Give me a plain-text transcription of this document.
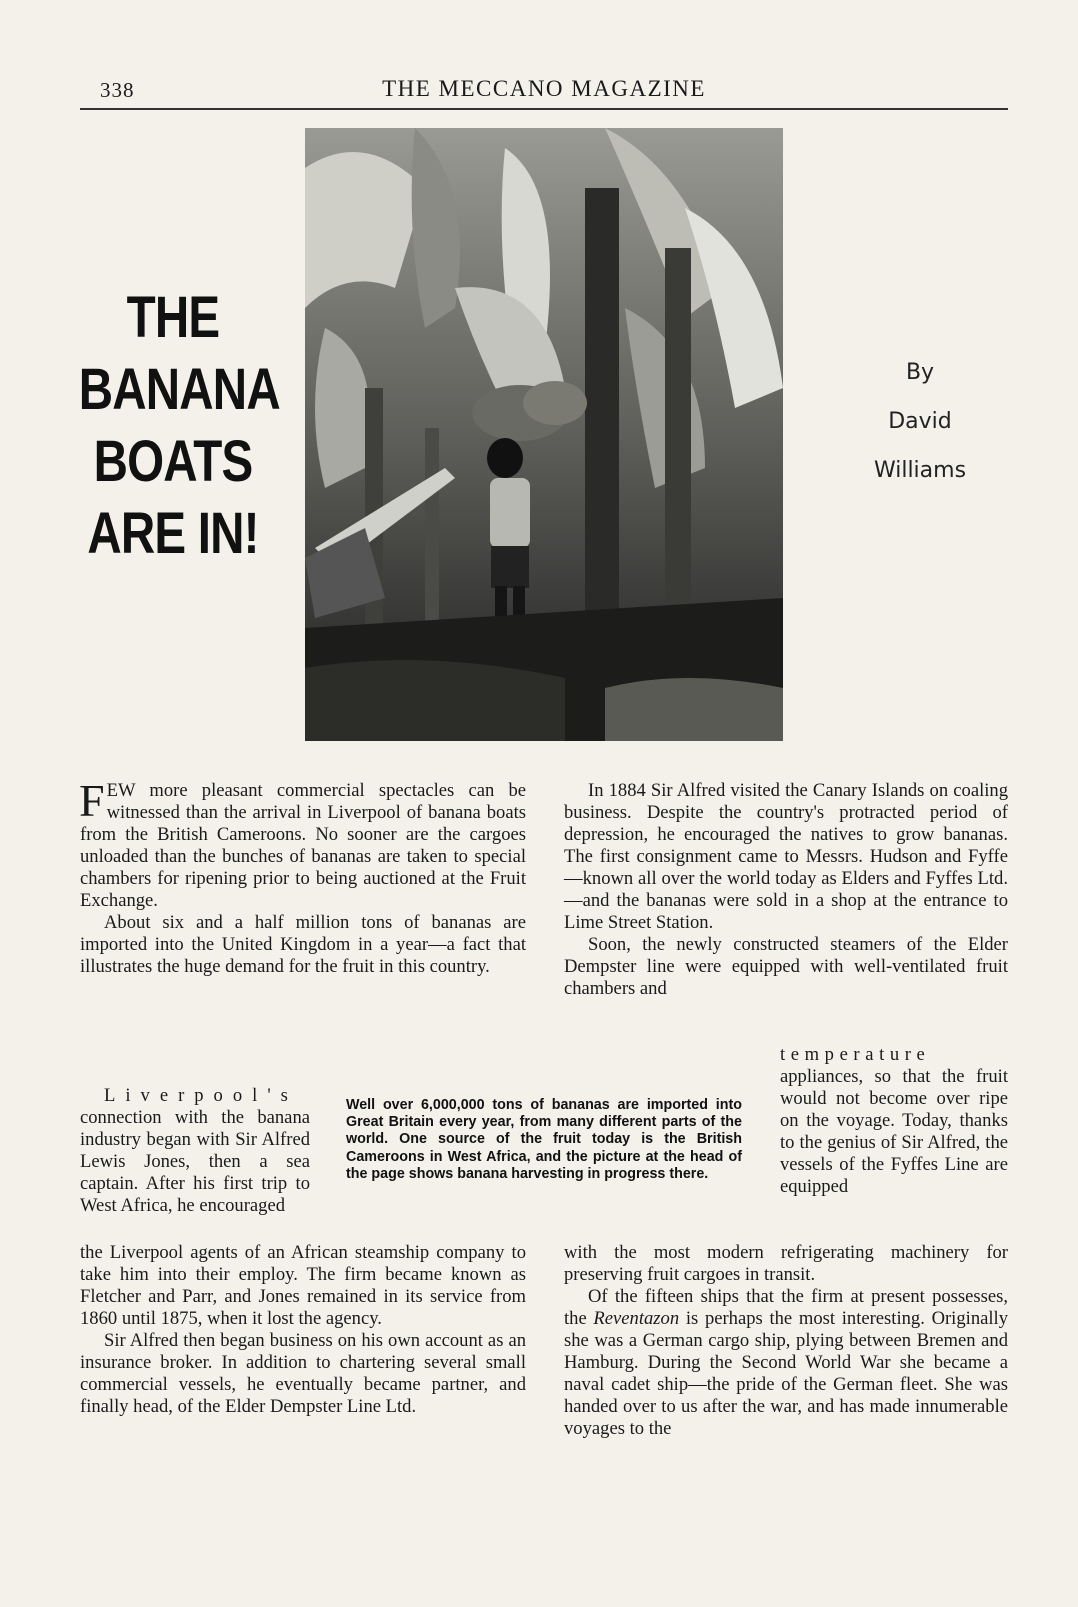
338	THE MECCANO MAGAZINE
THE
BANANA
BOATS
ARE IN!
By
David
Williams

FEW more pleasant commercial spectacles can be witnessed than the arrival in Liverpool of banana boats from the British Cameroons. No sooner are the cargoes unloaded than the bunches of bananas are taken to special chambers for ripening prior to being auctioned at the Fruit Exchange.

About six and a half million tons of bananas are imported into the United Kingdom in a year—a fact that illustrates the huge demand for the fruit in this country.

Liverpool's connection with the banana industry began with Sir Alfred Lewis Jones, then a sea captain. After his first trip to West Africa, he encouraged

Well over 6,000,000 tons of bananas are imported into Great Britain every year, from many different parts of the world. One source of the fruit today is the British Cameroons in West Africa, and the picture at the head of the page shows banana harvesting in progress there.

the Liverpool agents of an African steamship company to take him into their employ. The firm became known as Fletcher and Parr, and Jones remained in its service from 1860 until 1875, when it lost the agency.

Sir Alfred then began business on his own account as an insurance broker. In addition to chartering several small commercial vessels, he eventually became partner, and finally head, of the Elder Dempster Line Ltd.

In 1884 Sir Alfred visited the Canary Islands on coaling business. Despite the country's protracted period of depression, he encouraged the natives to grow bananas. The first consignment came to Messrs. Hudson and Fyffe—known all over the world today as Elders and Fyffes Ltd.—and the bananas were sold in a shop at the entrance to Lime Street Station.

Soon, the newly constructed steamers of the Elder Dempster line were equipped with well-ventilated fruit chambers and

temperature appliances, so that the fruit would not become over ripe on the voyage. Today, thanks to the genius of Sir Alfred, the vessels of the Fyffes Line are equipped

with the most modern refrigerating machinery for preserving fruit cargoes in transit.

Of the fifteen ships that the firm at present possesses, the Reventazon is perhaps the most interesting. Originally she was a German cargo ship, plying between Bremen and Hamburg. During the Second World War she became a naval cadet ship—the pride of the German fleet. She was handed over to us after the war, and has made innumerable voyages to the
